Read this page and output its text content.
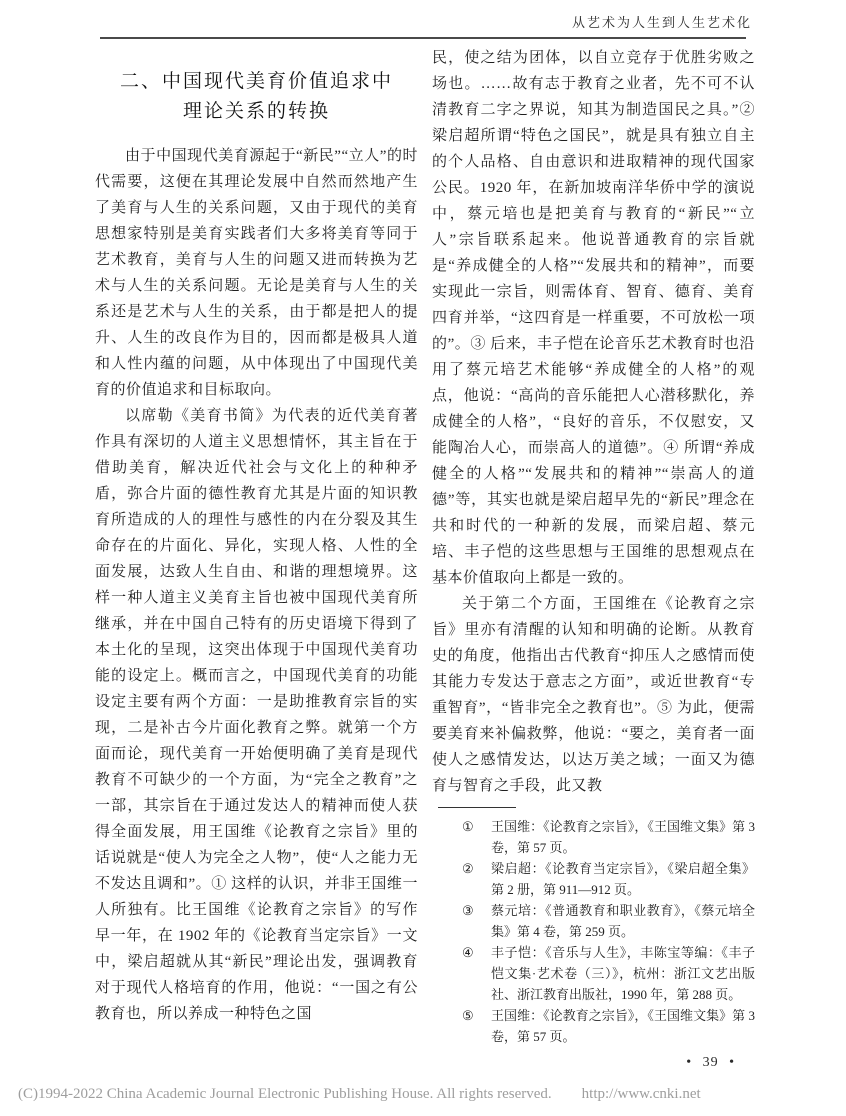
从艺术为人生到人生艺术化
二、中国现代美育价值追求中
理论关系的转换

由于中国现代美育源起于“新民”“立人”的时代需要，这便在其理论发展中自然而然地产生了美育与人生的关系问题，又由于现代的美育思想家特别是美育实践者们大多将美育等同于艺术教育，美育与人生的问题又进而转换为艺术与人生的关系问题。无论是美育与人生的关系还是艺术与人生的关系，由于都是把人的提升、人生的改良作为目的，因而都是极具人道和人性内蕴的问题，从中体现出了中国现代美育的价值追求和目标取向。

以席勒《美育书简》为代表的近代美育著作具有深切的人道主义思想情怀，其主旨在于借助美育，解决近代社会与文化上的种种矛盾，弥合片面的德性教育尤其是片面的知识教育所造成的人的理性与感性的内在分裂及其生命存在的片面化、异化，实现人格、人性的全面发展，达致人生自由、和谐的理想境界。这样一种人道主义美育主旨也被中国现代美育所继承，并在中国自己特有的历史语境下得到了本土化的呈现，这突出体现于中国现代美育功能的设定上。概而言之，中国现代美育的功能设定主要有两个方面：一是助推教育宗旨的实现，二是补古今片面化教育之弊。就第一个方面而论，现代美育一开始便明确了美育是现代教育不可缺少的一个方面，为“完全之教育”之一部，其宗旨在于通过发达人的精神而使人获得全面发展，用王国维《论教育之宗旨》里的话说就是“使人为完全之人物”，使“人之能力无不发达且调和”。① 这样的认识，并非王国维一人所独有。比王国维《论教育之宗旨》的写作早一年，在 1902 年的《论教育当定宗旨》一文中，梁启超就从其“新民”理论出发，强调教育对于现代人格培育的作用，他说：“一国之有公教育也，所以养成一种特色之国

民，使之结为团体，以自立竞存于优胜劣败之场也。……故有志于教育之业者，先不可不认清教育二字之界说，知其为制造国民之具。”② 梁启超所谓“特色之国民”，就是具有独立自主的个人品格、自由意识和进取精神的现代国家公民。1920 年，在新加坡南洋华侨中学的演说中，蔡元培也是把美育与教育的“新民”“立人”宗旨联系起来。他说普通教育的宗旨就是“养成健全的人格”“发展共和的精神”，而要实现此一宗旨，则需体育、智育、德育、美育四育并举，“这四育是一样重要，不可放松一项的”。③ 后来，丰子恺在论音乐艺术教育时也沿用了蔡元培艺术能够“养成健全的人格”的观点，他说：“高尚的音乐能把人心潜移默化，养成健全的人格”，“良好的音乐，不仅慰安，又能陶冶人心，而崇高人的道德”。④ 所谓“养成健全的人格”“发展共和的精神”“崇高人的道德”等，其实也就是梁启超早先的“新民”理念在共和时代的一种新的发展，而梁启超、蔡元培、丰子恺的这些思想与王国维的思想观点在基本价值取向上都是一致的。

关于第二个方面，王国维在《论教育之宗旨》里亦有清醒的认知和明确的论断。从教育史的角度，他指出古代教育“抑压人之感情而使其能力专发达于意志之方面”，或近世教育“专重智育”，“皆非完全之教育也”。⑤ 为此，便需要美育来补偏救弊，他说：“要之，美育者一面使人之感情发达，以达万美之域；一面又为德育与智育之手段，此又教

①	王国维：《论教育之宗旨》，《王国维文集》第 3 卷，第 57 页。
②	梁启超：《论教育当定宗旨》，《梁启超全集》第 2 册，第 911—912 页。
③	蔡元培：《普通教育和职业教育》，《蔡元培全集》第 4 卷，第 259 页。
④	丰子恺：《音乐与人生》，丰陈宝等编：《丰子恺文集·艺术卷（三）》，杭州：浙江文艺出版社、浙江教育出版社，1990 年，第 288 页。
⑤	王国维：《论教育之宗旨》，《王国维文集》第 3 卷，第 57 页。
• 39 •
(C)1994-2022 China Academic Journal Electronic Publishing House. All rights reserved. http://www.cnki.net
